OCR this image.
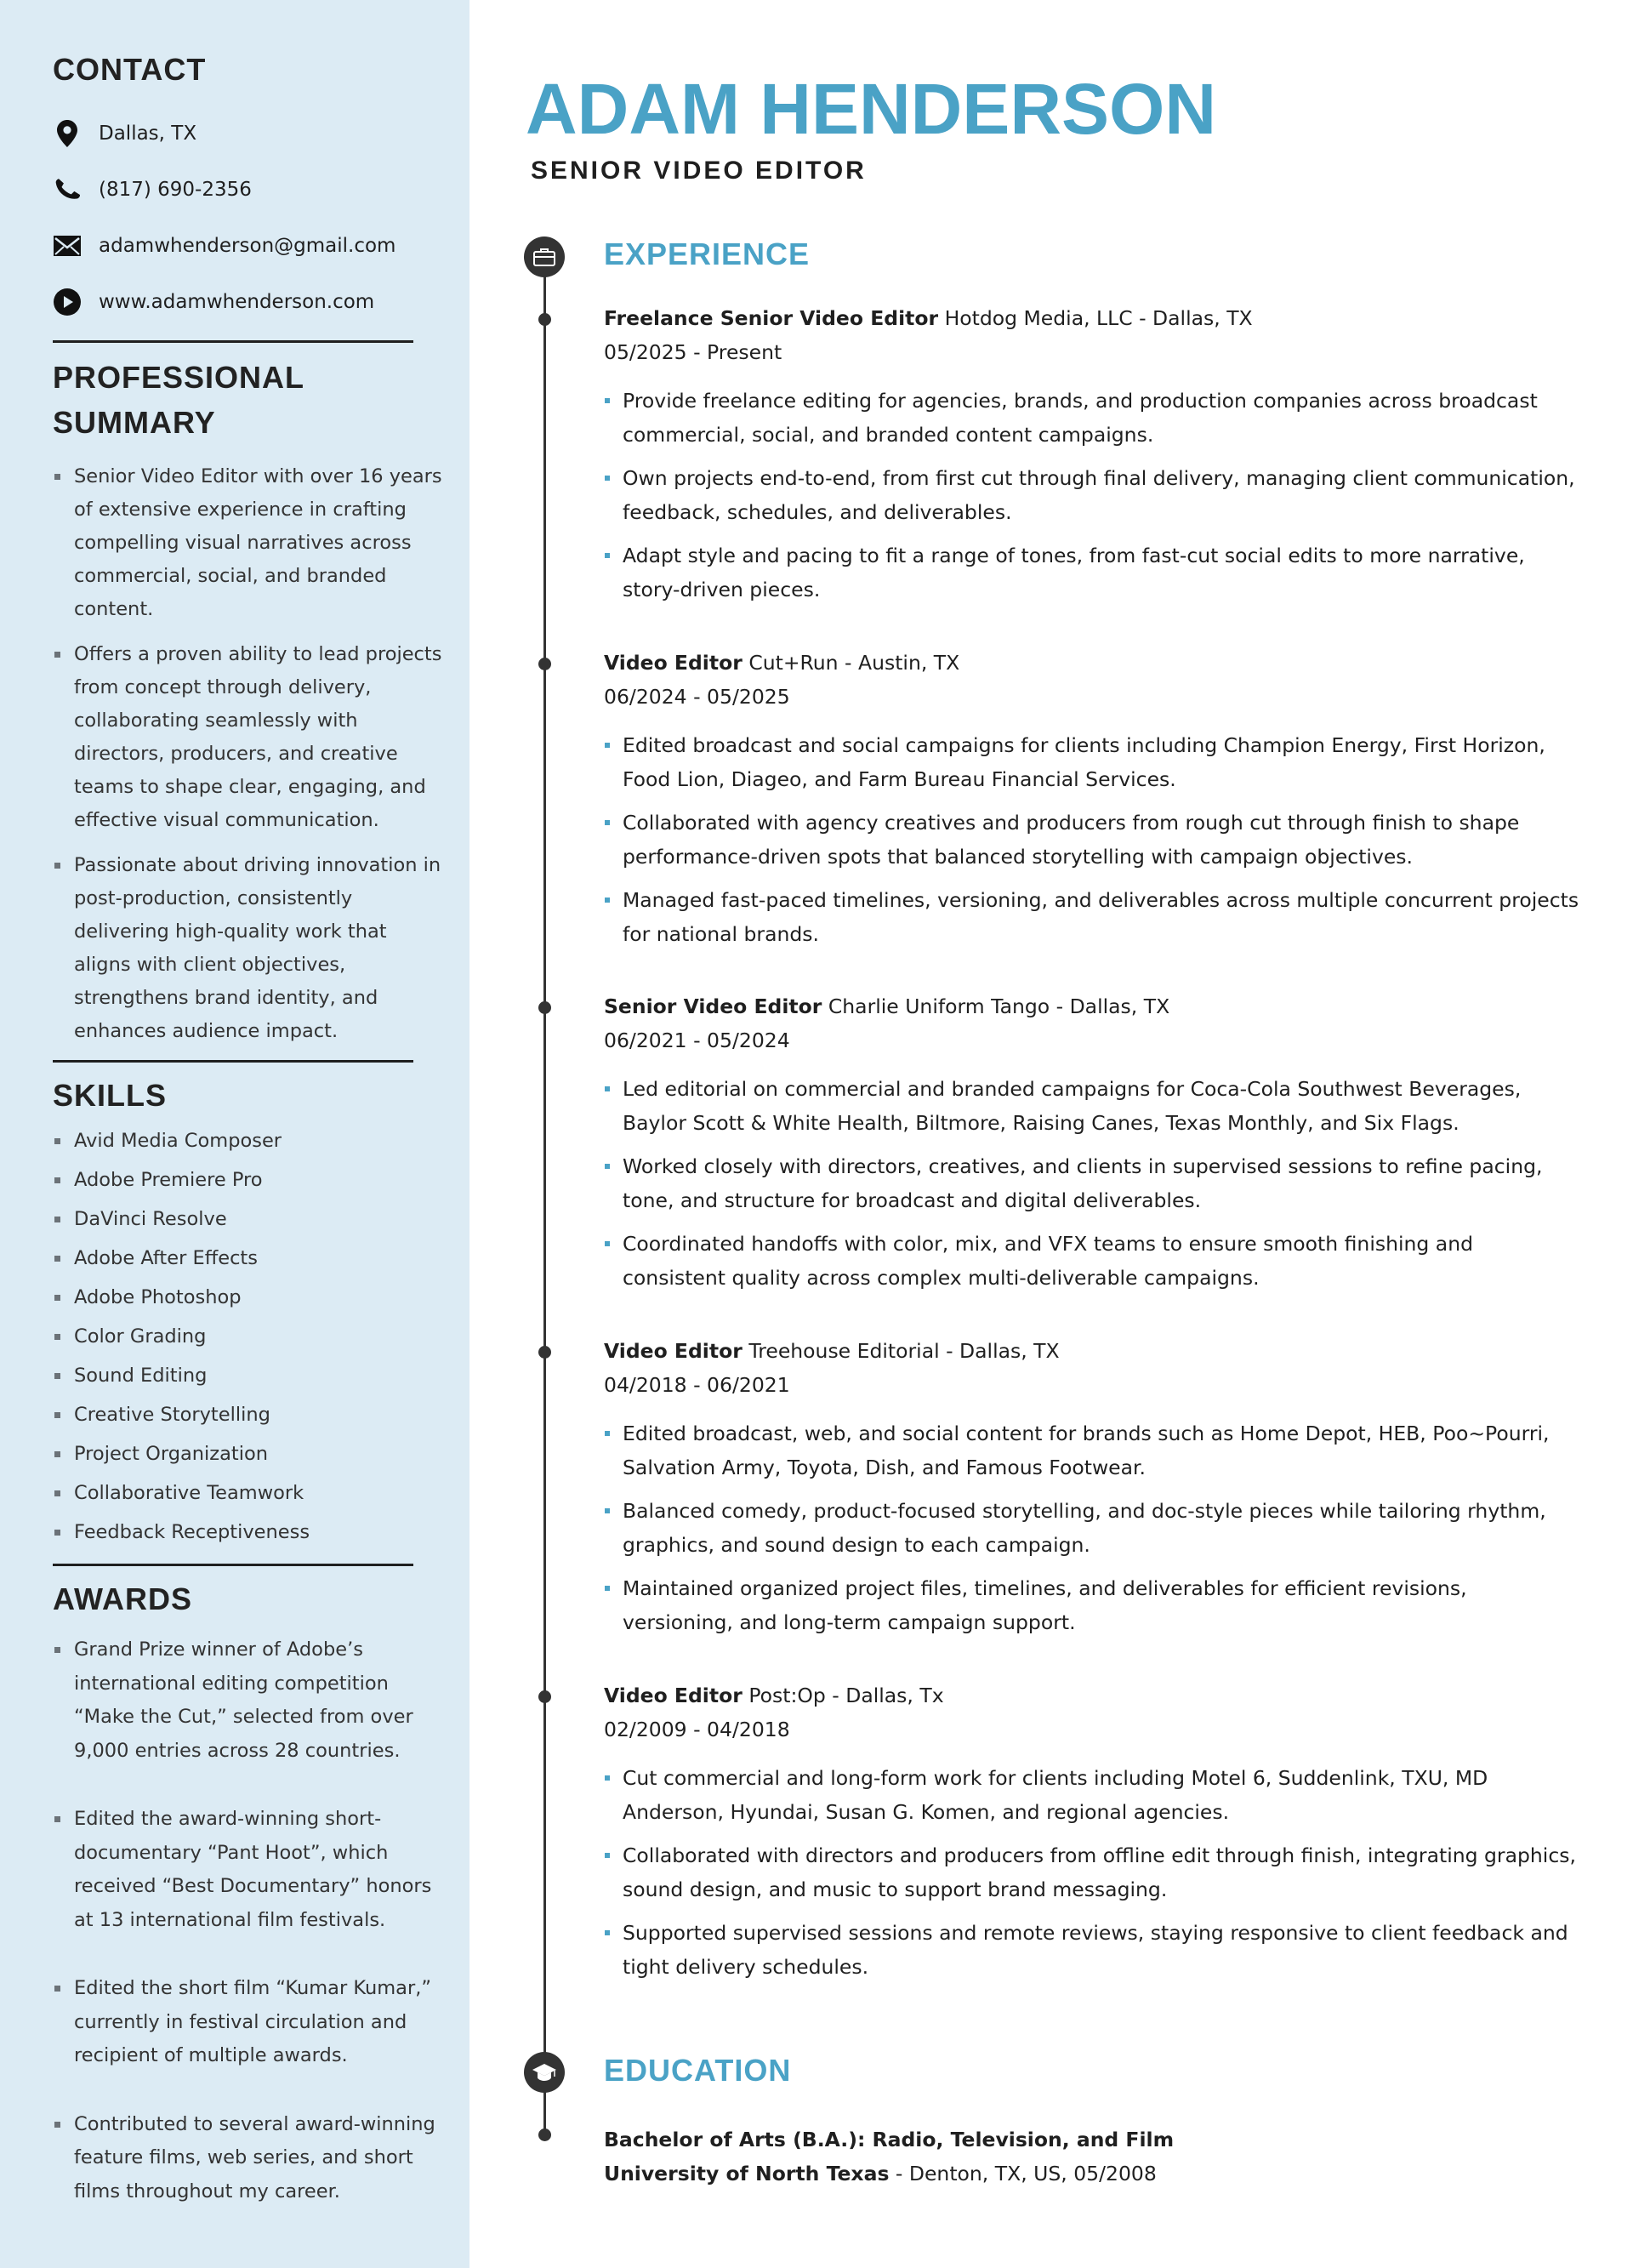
CONTACT
Dallas, TX
(817) 690-2356
adamwhenderson@gmail.com
www.adamwhenderson.com
PROFESSIONAL
SUMMARY
Senior Video Editor with over 16 years of extensive experience in crafting compelling visual narratives across commercial, social, and branded content.
Offers a proven ability to lead projects from concept through delivery, collaborating seamlessly with directors, producers, and creative teams to shape clear, engaging, and effective visual communication.
Passionate about driving innovation in post-production, consistently delivering high-quality work that aligns with client objectives, strengthens brand identity, and enhances audience impact.
SKILLS
Avid Media Composer
Adobe Premiere Pro
DaVinci Resolve
Adobe After Effects
Adobe Photoshop
Color Grading
Sound Editing
Creative Storytelling
Project Organization
Collaborative Teamwork
Feedback Receptiveness
AWARDS
Grand Prize winner of Adobe’s international editing competition “Make the Cut,” selected from over 9,000 entries across 28 countries.
Edited the award-winning short-documentary “Pant Hoot”, which received “Best Documentary” honors at 13 international film festivals.
Edited the short film “Kumar Kumar,” currently in festival circulation and recipient of multiple awards.
Contributed to several award-winning feature films, web series, and short films throughout my career.
ADAM HENDERSON
SENIOR VIDEO EDITOR
EXPERIENCE
Freelance Senior Video Editor Hotdog Media, LLC - Dallas, TX
05/2025 - Present
Provide freelance editing for agencies, brands, and production companies across broadcast commercial, social, and branded content campaigns.
Own projects end-to-end, from first cut through final delivery, managing client communication, feedback, schedules, and deliverables.
Adapt style and pacing to fit a range of tones, from fast-cut social edits to more narrative, story-driven pieces.
Video Editor Cut+Run - Austin, TX
06/2024 - 05/2025
Edited broadcast and social campaigns for clients including Champion Energy, First Horizon, Food Lion, Diageo, and Farm Bureau Financial Services.
Collaborated with agency creatives and producers from rough cut through finish to shape performance-driven spots that balanced storytelling with campaign objectives.
Managed fast-paced timelines, versioning, and deliverables across multiple concurrent projects for national brands.
Senior Video Editor Charlie Uniform Tango - Dallas, TX
06/2021 - 05/2024
Led editorial on commercial and branded campaigns for Coca-Cola Southwest Beverages, Baylor Scott & White Health, Biltmore, Raising Canes, Texas Monthly, and Six Flags.
Worked closely with directors, creatives, and clients in supervised sessions to refine pacing, tone, and structure for broadcast and digital deliverables.
Coordinated handoffs with color, mix, and VFX teams to ensure smooth finishing and consistent quality across complex multi-deliverable campaigns.
Video Editor Treehouse Editorial - Dallas, TX
04/2018 - 06/2021
Edited broadcast, web, and social content for brands such as Home Depot, HEB, Poo~Pourri, Salvation Army, Toyota, Dish, and Famous Footwear.
Balanced comedy, product-focused storytelling, and doc-style pieces while tailoring rhythm, graphics, and sound design to each campaign.
Maintained organized project files, timelines, and deliverables for efficient revisions, versioning, and long-term campaign support.
Video Editor Post:Op - Dallas, Tx
02/2009 - 04/2018
Cut commercial and long-form work for clients including Motel 6, Suddenlink, TXU, MD Anderson, Hyundai, Susan G. Komen, and regional agencies.
Collaborated with directors and producers from offline edit through finish, integrating graphics, sound design, and music to support brand messaging.
Supported supervised sessions and remote reviews, staying responsive to client feedback and tight delivery schedules.
EDUCATION
Bachelor of Arts (B.A.): Radio, Television, and Film
University of North Texas - Denton, TX, US, 05/2008
